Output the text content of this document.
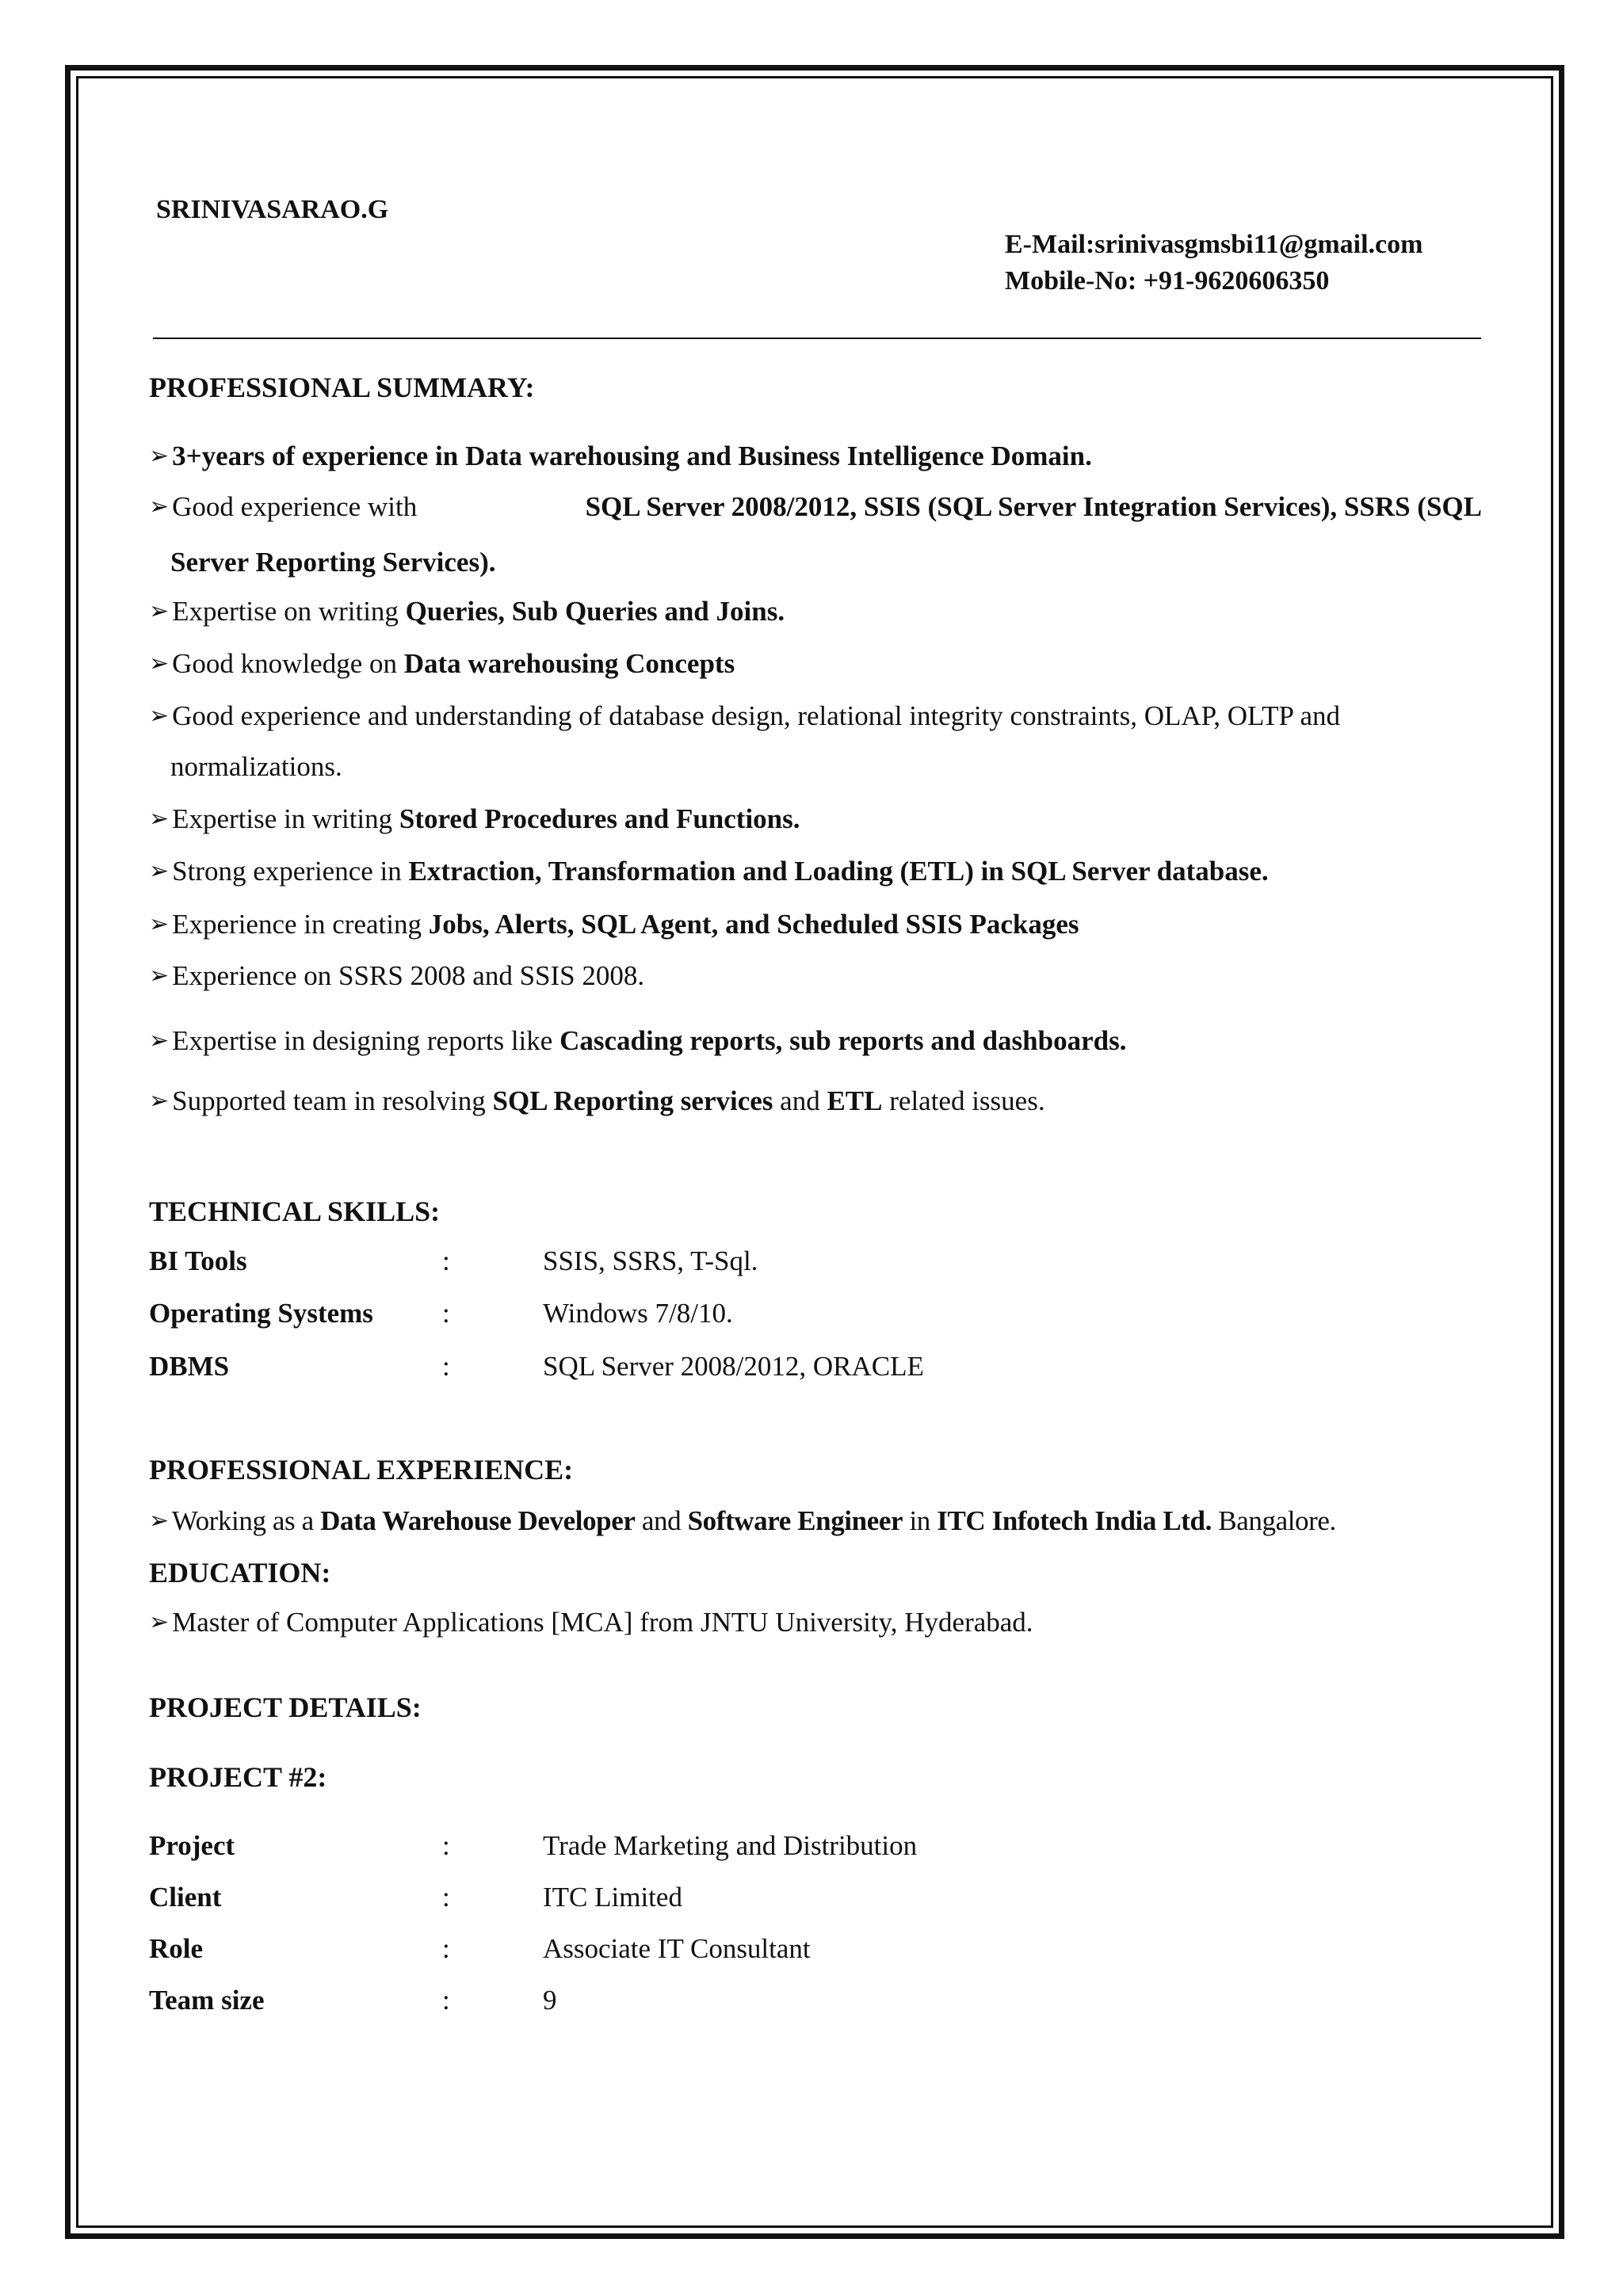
SRINIVASARAO.G
E-Mail:srinivasgmsbi11@gmail.com
Mobile-No: +91-9620606350
PROFESSIONAL SUMMARY:
➢ 3+years of experience in Data warehousing and Business Intelligence Domain.
➢ Good experience with	SQL Server 2008/2012, SSIS (SQL Server Integration Services), SSRS (SQL
Server Reporting Services).
➢ Expertise on writing Queries, Sub Queries and Joins.
➢ Good knowledge on Data warehousing Concepts
➢ Good experience and understanding of database design, relational integrity constraints, OLAP, OLTP and
normalizations.
➢ Expertise in writing Stored Procedures and Functions.
➢ Strong experience in Extraction, Transformation and Loading (ETL) in SQL Server database.
➢ Experience in creating Jobs, Alerts, SQL Agent, and Scheduled SSIS Packages
➢ Experience on SSRS 2008 and SSIS 2008.
➢ Expertise in designing reports like Cascading reports, sub reports and dashboards.
➢ Supported team in resolving SQL Reporting services and ETL related issues.
TECHNICAL SKILLS:
BI Tools	:	SSIS, SSRS, T-Sql.
Operating Systems :	Windows 7/8/10.
DBMS	:	SQL Server 2008/2012, ORACLE
PROFESSIONAL EXPERIENCE:
➢ Working as a Data Warehouse Developer and Software Engineer in ITC Infotech India Ltd. Bangalore.
EDUCATION:
➢ Master of Computer Applications [MCA] from JNTU University, Hyderabad.
PROJECT DETAILS:
PROJECT #2:
Project	:	Trade Marketing and Distribution
Client	:	ITC Limited
Role	:	Associate IT Consultant
Team size	:	9
